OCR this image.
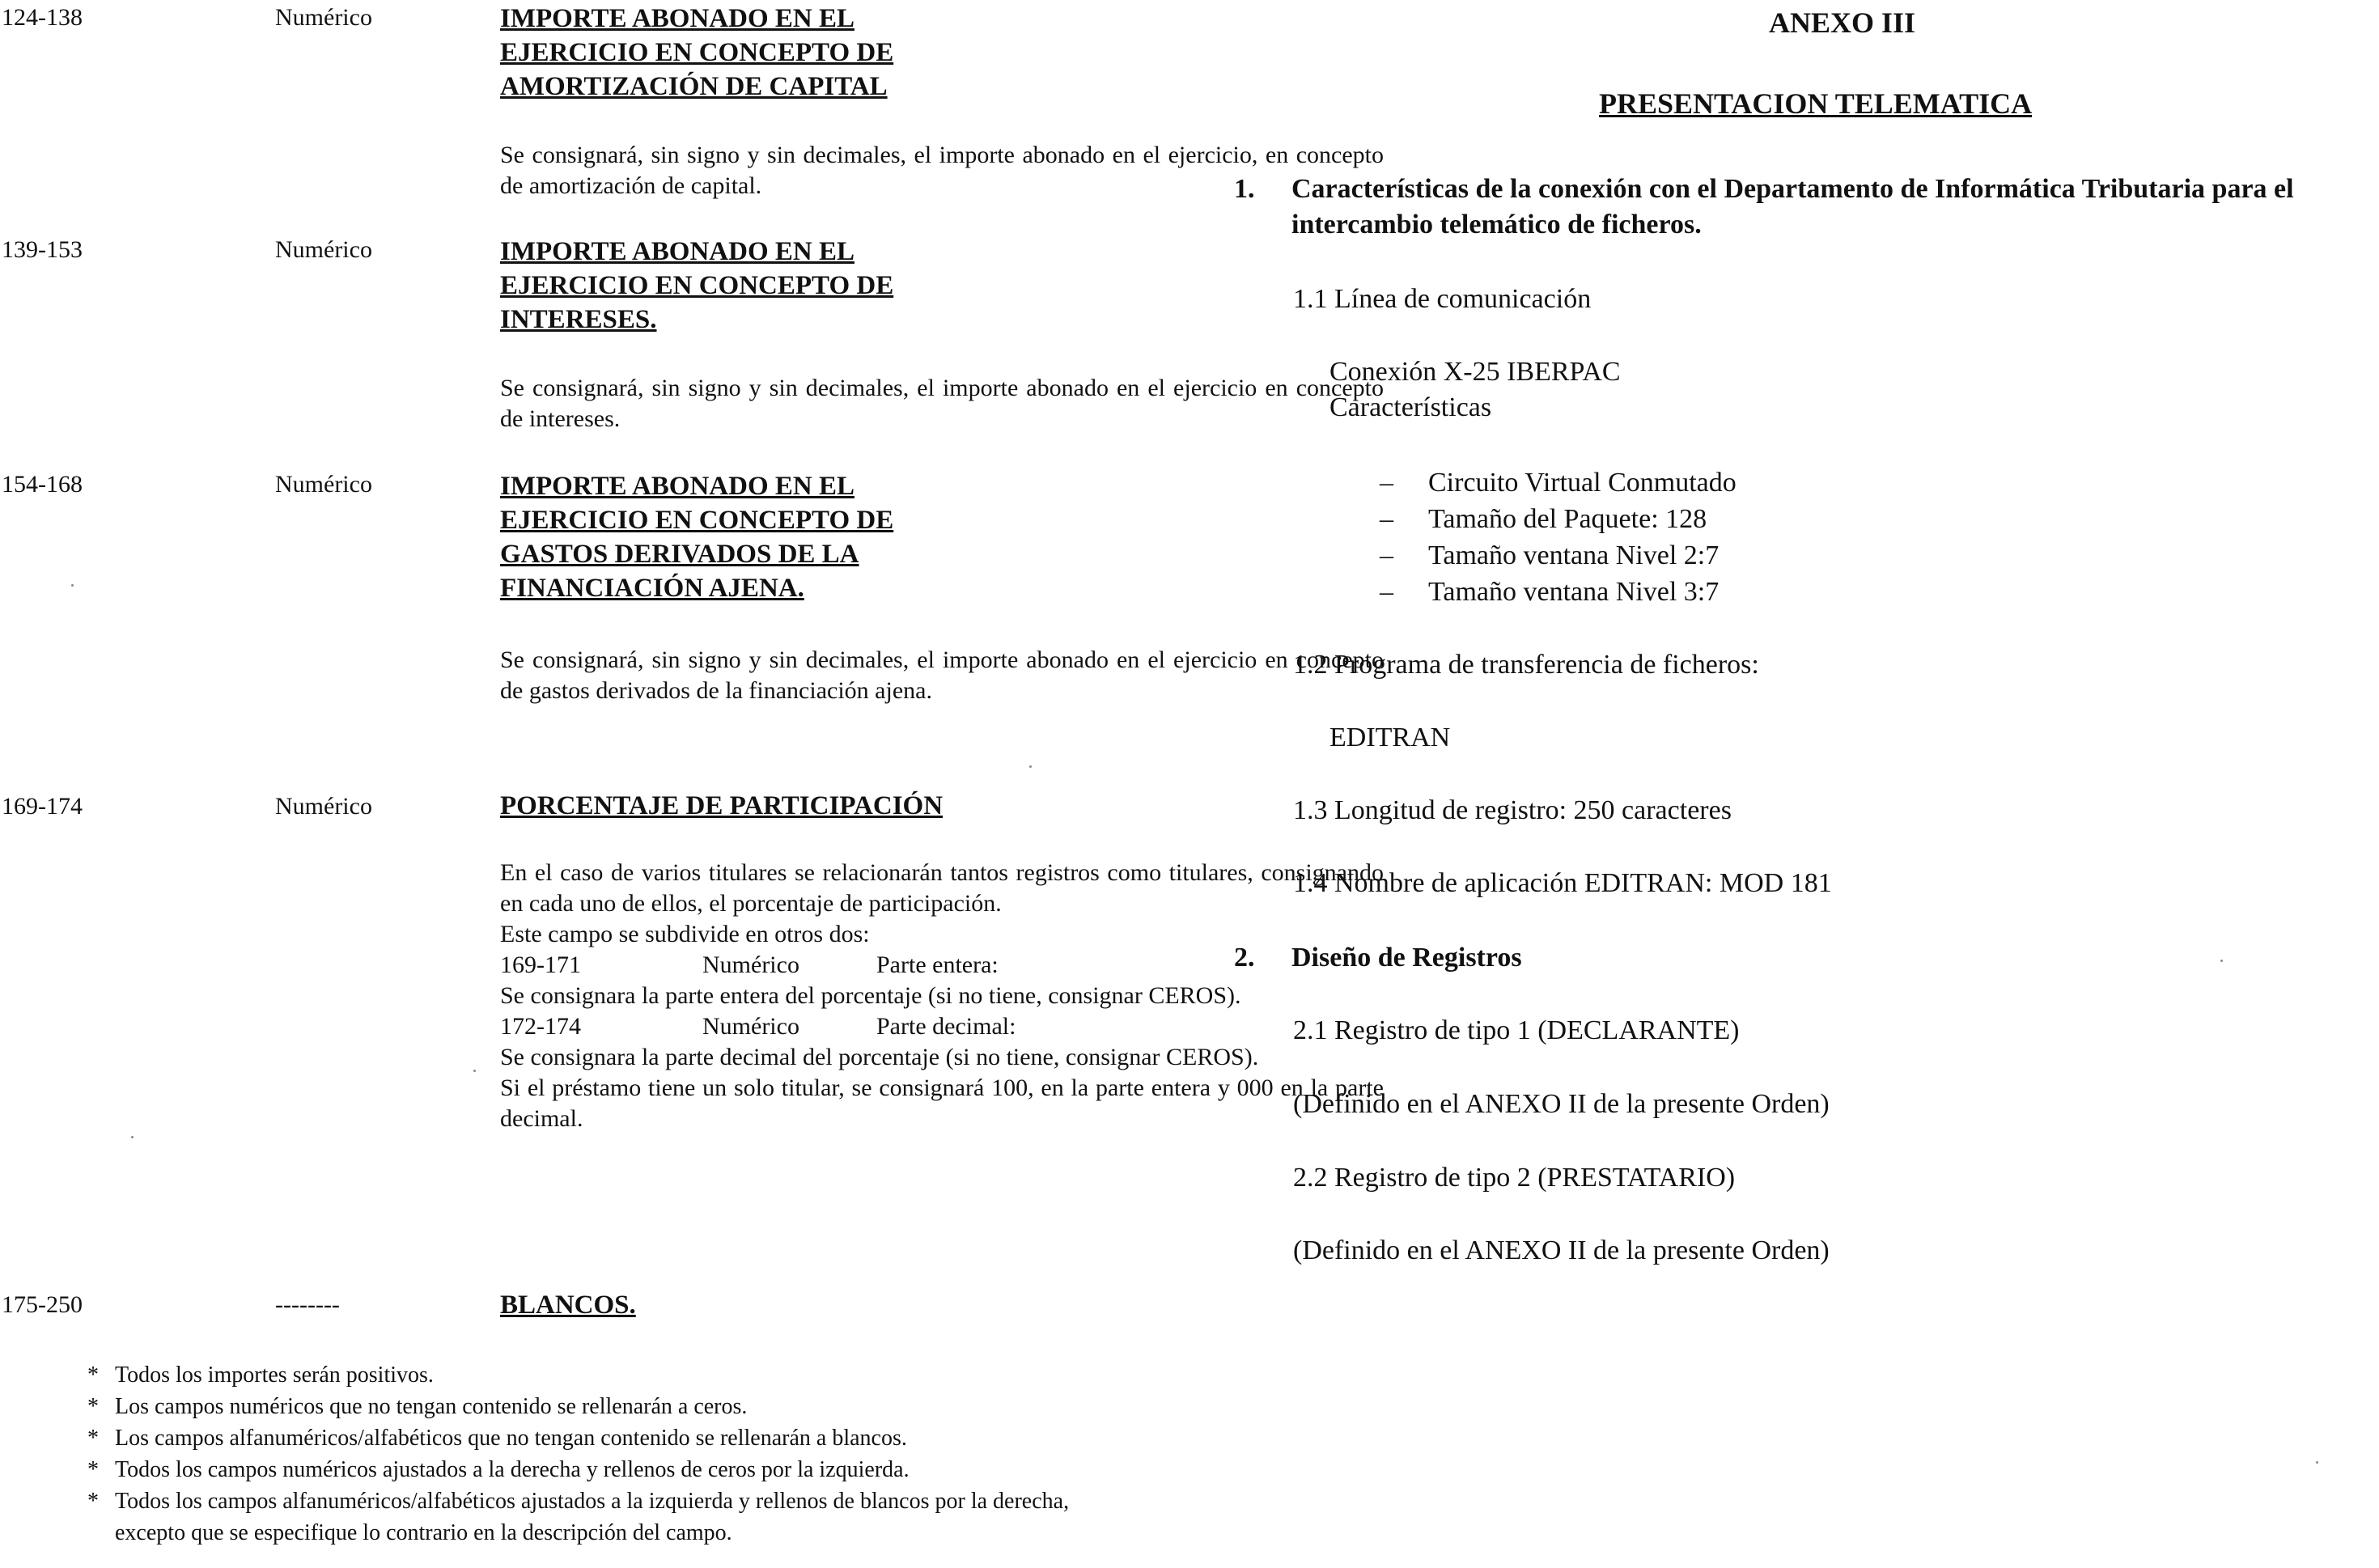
124-138	Numérico	IMPORTE ABONADO EN EL
EJERCICIO EN CONCEPTO DE
AMORTIZACIÓN DE CAPITAL
Se consignará, sin signo y sin decimales, el importe abonado en el ejercicio, en concepto de amortización de capital.
139-153	Numérico	IMPORTE ABONADO EN EL
EJERCICIO EN CONCEPTO DE
INTERESES.
Se consignará, sin signo y sin decimales, el importe abonado en el ejercicio en concepto de intereses.
154-168	Numérico	IMPORTE ABONADO EN EL
EJERCICIO EN CONCEPTO DE
GASTOS DERIVADOS DE LA
FINANCIACIÓN AJENA.
Se consignará, sin signo y sin decimales, el importe abonado en el ejercicio en concepto de gastos derivados de la financiación ajena.
169-174	Numérico	PORCENTAJE DE PARTICIPACIÓN

En el caso de varios titulares se relacionarán tantos registros como titulares, consignando en cada uno de ellos, el porcentaje de participación.

Este campo se subdivide en otros dos:

169-171	Numérico	Parte entera:

Se consignara la parte entera del porcentaje (si no tiene, consignar CEROS).

172-174	Numérico	Parte decimal:

Se consignara la parte decimal del porcentaje (si no tiene, consignar CEROS).

Si el préstamo tiene un solo titular, se consignará 100, en la parte entera y 000 en la parte decimal.

175-250	--------	BLANCOS.
* Todos los importes serán positivos.
* Los campos numéricos que no tengan contenido se rellenarán a ceros.
* Los campos alfanuméricos/alfabéticos que no tengan contenido se rellenarán a blancos.
* Todos los campos numéricos ajustados a la derecha y rellenos de ceros por la izquierda.
* Todos los campos alfanuméricos/alfabéticos ajustados a la izquierda y rellenos de blancos por la derecha, excepto que se especifique lo contrario en la descripción del campo.
ANEXO III
PRESENTACION TELEMATICA
1. Características de la conexión con el Departamento de Informática Tributaria para el
intercambio telemático de ficheros.
1.1 Línea de comunicación
Conexión X-25 IBERPAC
Características
–	Circuito Virtual Conmutado
–	Tamaño del Paquete: 128
–	Tamaño ventana Nivel 2:7
–	Tamaño ventana Nivel 3:7
1.2 Programa de transferencia de ficheros:
EDITRAN
1.3 Longitud de registro: 250 caracteres
1.4 Nombre de aplicación EDITRAN: MOD 181
2. Diseño de Registros
2.1 Registro de tipo 1 (DECLARANTE)
(Definido en el ANEXO II de la presente Orden)
2.2 Registro de tipo 2 (PRESTATARIO)
(Definido en el ANEXO II de la presente Orden)
